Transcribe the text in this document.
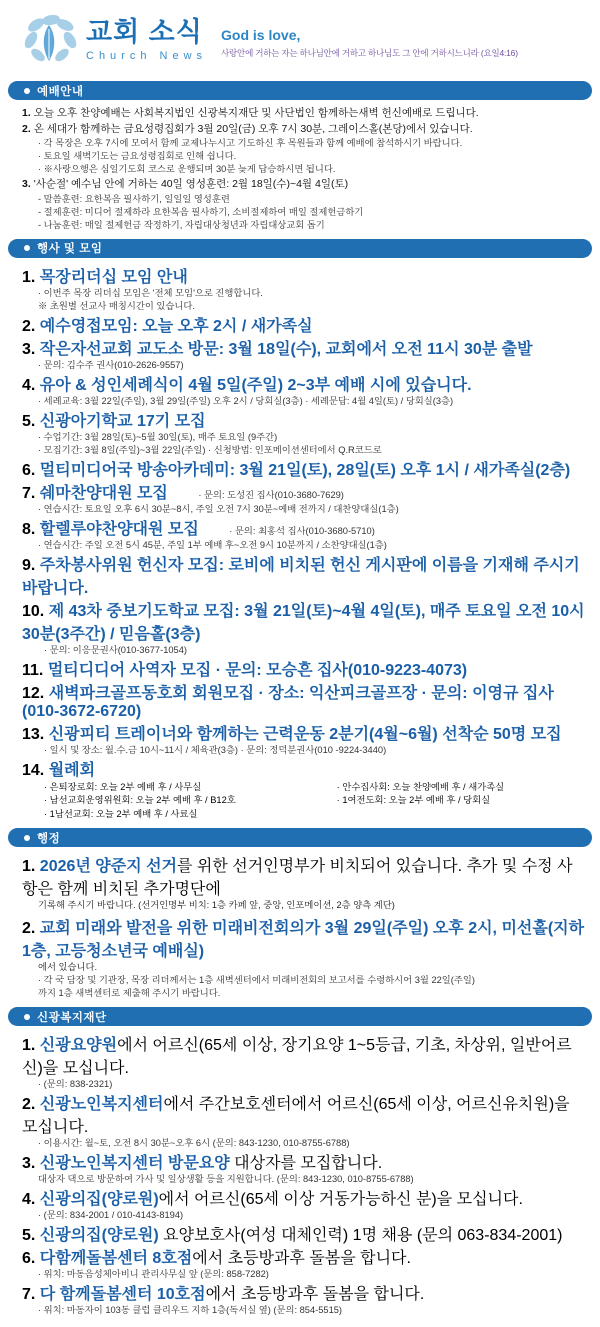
교회 소식
Church News
God is love,
사랑안에 거하는 자는 하나님안에 거하고 하나님도 그 안에 거하시느니라 (요일4:16)
예배안내
1. 오늘 오후 찬양예배는 사회복지법인 신광복지재단 및 사단법인 함께하는새벽 헌신예배로 드립니다.
2. 온 세대가 함께하는 금요성령집회가 3월 20일(금) 오후 7시 30분, 그레이스홀(본당)에서 있습니다.
· 각 목장은 오후 7시에 모여서 함께 교제나누시고 기도하신 후 목원들과 함께 예배에 참석하시기 바랍니다.
· 토요일 새벽기도는 금요성령집회로 인해 쉽니다.
· ※사랑으행은 심일기도회 코스로 운행되며 30분 늦게 답승하시면 됩니다.
3. '사순절' 예수님 안에 거하는 40일 영성훈련: 2월 18일(수)~4월 4일(토)
- 말씀훈련: 요한복음 필사하기, 일일일 영성훈련
- 절제훈련: 미디어 절제하라 요한복음 필사하기, 소비절제하여 매일 절제헌금하기
- 나눔훈련: 매일 절제헌금 작정하기, 자립대상청년과 자립대상교회 돕기
행사 및 모임
1. 목장리더십 모임 안내
· 이번주 목장 리더십 모임은 '전체 모임'으로 진행합니다.
※ 초원별 선교사 매칭시간이 있습니다.
2. 예수영접모임: 오늘 오후 2시 / 새가족실
3. 작은자선교회 교도소 방문: 3월 18일(수), 교회에서 오전 11시 30분 출발
· 문의: 김수주 권사(010-2626-9557)
4. 유아 & 성인세례식이 4월 5일(주일) 2~3부 예배 시에 있습니다.
· 세례교육: 3월 22일(주일), 3월 29일(주일) 오후 2시 / 당회실(3층) · 세례문답: 4월 4일(토) / 당회실(3층)
5. 신광아기학교 17기 모집
· 수업기간: 3월 28일(토)~5월 30일(토), 매주 토요일 (9주간)
· 모집기간: 3월 8일(주일)~3월 22일(주일) · 신청방법: 인포메이션센터에서 Q.R코드로
6. 멀티미디어국 방송아카데미: 3월 21일(토), 28일(토) 오후 1시 / 새가족실(2층)
7. 쉐마찬양대원 모집	· 문의: 도성진 집사(010-3680-7629)
· 연습시간: 토요일 오후 6시 30분~8시, 주일 오전 7시 30분~예배 전까지 / 대찬양대실(1층)
8. 할렐루야찬양대원 모집	· 문의: 최홍석 집사(010-3680-5710)
· 연습시간: 주일 오전 5시 45분, 주일 1부 예배 후~오전 9시 10분까지 / 소찬양대실(1층)
9. 주차봉사위원 헌신자 모집: 로비에 비치된 헌신 게시판에 이름을 기재해 주시기 바랍니다.
10. 제 43차 중보기도학교 모집: 3월 21일(토)~4월 4일(토), 매주 토요일 오전 10시 30분(3주간) / 믿음홀(3층)
· 문의: 이응문권사(010-3677-1054)
11. 멀티디디어 사역자 모집 · 문의: 모승흔 집사(010-9223-4073)
12. 새벽파크골프동호회 회원모집 · 장소: 익산피크골프장 · 문의: 이영규 집사(010-3672-6720)
13. 신광피티 트레이너와 함께하는 근력운동 2분기(4월~6월) 선착순 50명 모집
· 일시 및 장소: 월.수.금 10시~11시 / 체육관(3층) · 문의: 정덕분권사(010 -9224-3440)
14. 월례회
· 은퇴장로회: 오늘 2부 예배 후 / 사무실
· 남선교회운영위원회: 오늘 2부 예배 후 / B12호
· 1남선교회: 오늘 2부 예배 후 / 사료실
· 안수집사회: 오늘 찬양예배 후 / 새가족실
· 1여전도회: 오늘 2부 예배 후 / 당회실
행정
1. 2026년 양준지 선거를 위한 선거인명부가 비치되어 있습니다. 추가 및 수정 사항은 함께 비치된 추가명단에
기록해 주시기 바랍니다. (선거인명부 비치: 1층 카페 앞, 중앙, 인포메이션, 2층 양측 계단)
2. 교회 미래와 발전을 위한 미래비전회의가 3월 29일(주일) 오후 2시, 미선홀(지하 1층, 고등청소년국 예배실)
에서 있습니다.
· 각 국 담장 및 기관장, 목장 리더께서는 1층 새벽센터에서 미래비전회의 보고서를 수령하시어 3월 22일(주일)
까지 1층 새벽센터로 제출해 주시기 바랍니다.
신광복지재단
1. 신광요양원에서 어르신(65세 이상, 장기요양 1~5등급, 기초, 차상위, 일반어르신)을 모십니다.
· (문의: 838-2321)
2. 신광노인복지센터에서 주간보호센터에서 어르신(65세 이상, 어르신유치원)을 모십니다.
· 이용시간: 월~토, 오전 8시 30분~오후 6시 (문의: 843-1230, 010-8755-6788)
3. 신광노인복지센터 방문요양 대상자를 모집합니다.
대상자 댁으로 방문하여 가사 및 일상생활 등을 지원합니다. (문의: 843-1230, 010-8755-6788)
4. 신광의집(양로원)에서 어르신(65세 이상 거동가능하신 분)을 모십니다.
· (문의: 834-2001 / 010-4143-8194)
5. 신광의집(양로원) 요양보호사(여성 대체인력) 1명 채용 (문의 063-834-2001)
6. 다함께돌봄센터 8호점에서 초등방과후 돌봄을 합니다.
· 위치: 마동음성체아비니 관리사무실 앞 (문의: 858-7282)
7. 다 함께돌봄센터 10호점에서 초등방과후 돌봄을 합니다.
· 위치: 마동자이 103동 클럽 클리우드 지하 1층(독서실 옆) (문의: 854-5515)
